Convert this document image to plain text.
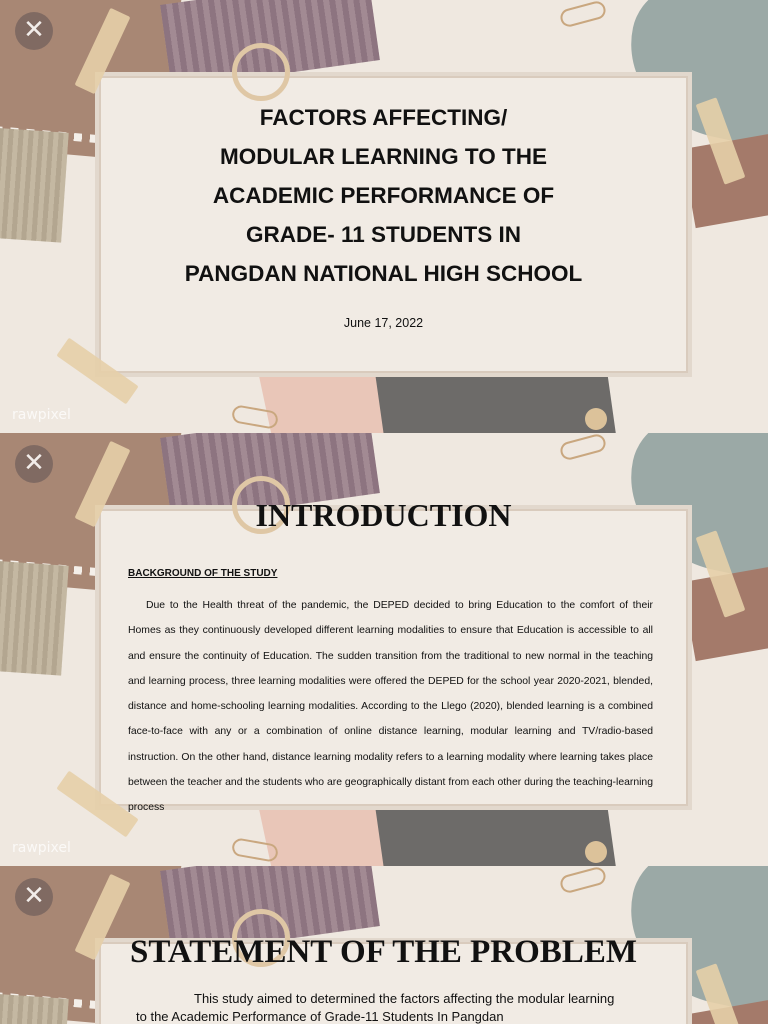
✕
FACTORS AFFECTING/
MODULAR LEARNING TO THE
ACADEMIC PERFORMANCE OF
GRADE- 11 STUDENTS IN
PANGDAN NATIONAL HIGH SCHOOL
June 17, 2022
rawpixel
✕
INTRODUCTION
BACKGROUND OF THE STUDY

Due to the Health threat of the pandemic, the DEPED decided to bring Education to the comfort of their Homes as they continuously developed different learning modalities to ensure that Education is accessible to all and ensure the continuity of Education. The sudden transition from the traditional to new normal in the teaching and learning process, three learning modalities were offered the DEPED for the school year 2020-2021, blended, distance and home-schooling learning modalities. According to the Llego (2020), blended learning is a combined face-to-face with any or a combination of online distance learning, modular learning and TV/radio-based instruction. On the other hand, distance learning modality refers to a learning modality where learning takes place between the teacher and the students who are geographically distant from each other during the teaching-learning process

rawpixel
✕
STATEMENT OF THE PROBLEM

This study aimed to determined the factors affecting the modular learning to the Academic Performance of Grade-11 Students In Pangdan
